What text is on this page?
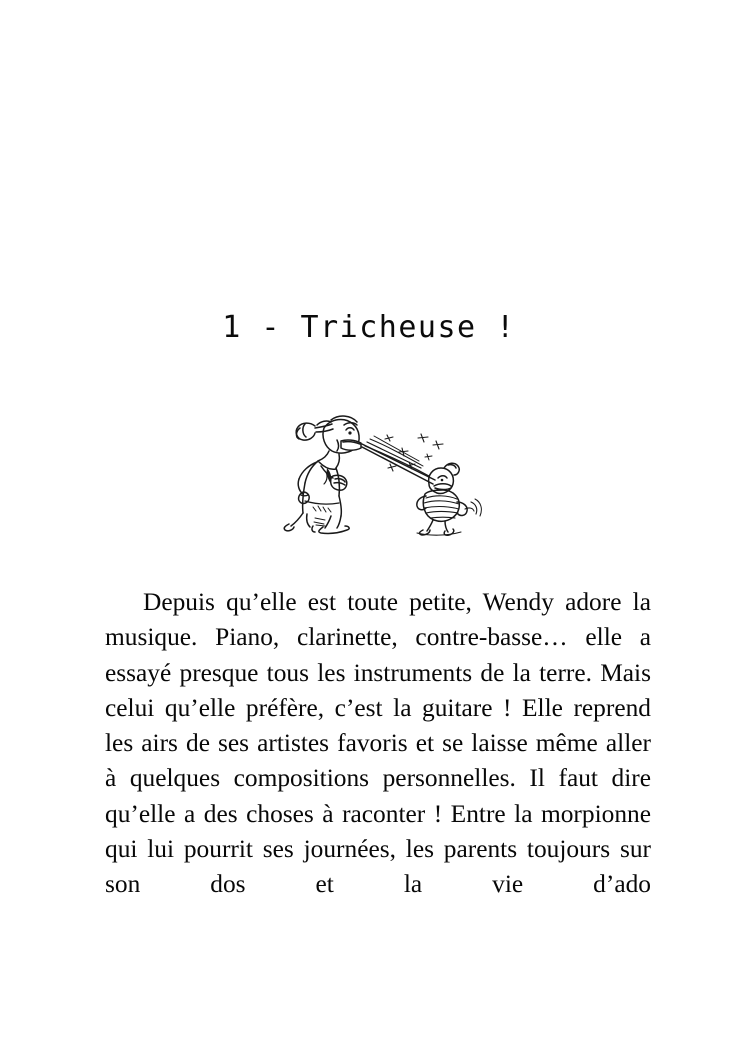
1 - Tricheuse !

Depuis qu’elle est toute petite, Wendy adore la musique. Piano, clarinette, contre-basse… elle a essayé presque tous les instruments de la terre. Mais celui qu’elle préfère, c’est la guitare ! Elle reprend les airs de ses artistes favoris et se laisse même aller à quelques compositions personnelles. Il faut dire qu’elle a des choses à raconter ! Entre la morpionne qui lui pourrit ses journées, les parents toujours sur son dos et la vie d’ado
